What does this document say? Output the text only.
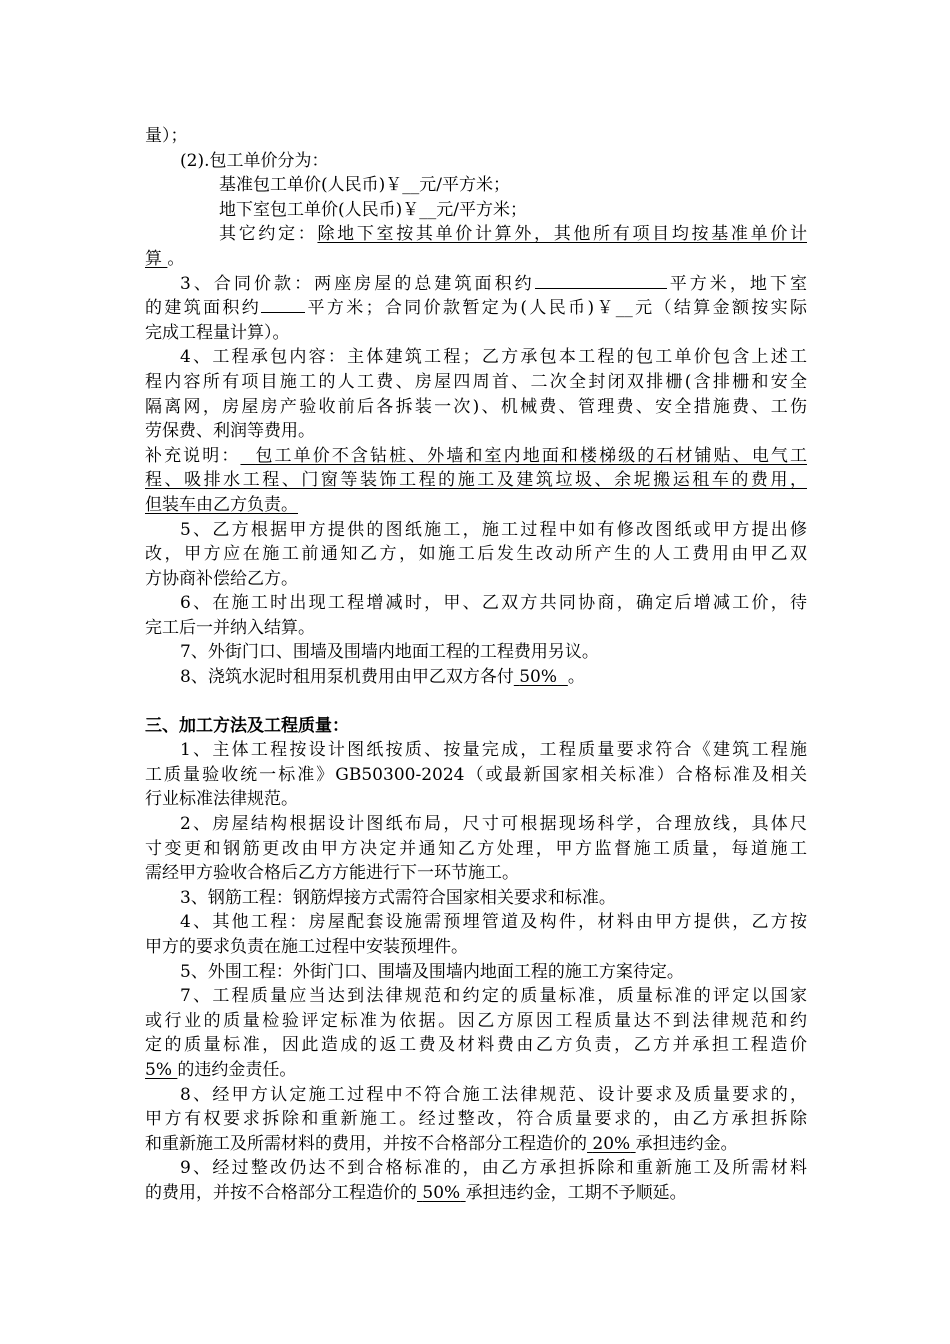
量）；
(2).包工单价分为：
基准包工单价(人民币)￥__元/平方米；
地下室包工单价(人民币)￥__元/平方米；
其它约定：除地下室按其单价计算外，其他所有项目均按基准单价计
算 。
3、合同价款：两座房屋的总建筑面积约	平方米，地下室
的建筑面积约	平方米；合同价款暂定为(人民币)￥__元（结算金额按实际
完成工程量计算）。
4、工程承包内容：主体建筑工程；乙方承包本工程的包工单价包含上述工
程内容所有项目施工的人工费、房屋四周首、二次全封闭双排栅(含排栅和安全
隔离网，房屋房产验收前后各拆装一次)、机械费、管理费、安全措施费、工伤
劳保费、利润等费用。
补充说明： 包工单价不含钻桩、外墙和室内地面和楼梯级的石材铺贴、电气工
程、吸排水工程、门窗等装饰工程的施工及建筑垃圾、余坭搬运租车的费用，
但装车由乙方负责。
5、乙方根据甲方提供的图纸施工，施工过程中如有修改图纸或甲方提出修
改，甲方应在施工前通知乙方，如施工后发生改动所产生的人工费用由甲乙双
方协商补偿给乙方。
6、在施工时出现工程增减时，甲、乙双方共同协商，确定后增减工价，待
完工后一并纳入结算。
7、外街门口、围墙及围墙内地面工程的工程费用另议。
8、浇筑水泥时租用泵机费用由甲乙双方各付 50% 。
三、加工方法及工程质量：
1、主体工程按设计图纸按质、按量完成，工程质量要求符合《建筑工程施
工质量验收统一标准》GB50300-2024（或最新国家相关标准）合格标准及相关
行业标准法律规范。
2、房屋结构根据设计图纸布局，尺寸可根据现场科学，合理放线，具体尺
寸变更和钢筋更改由甲方决定并通知乙方处理，甲方监督施工质量，每道施工
需经甲方验收合格后乙方方能进行下一环节施工。
3、钢筋工程：钢筋焊接方式需符合国家相关要求和标准。
4、其他工程：房屋配套设施需预埋管道及构件，材料由甲方提供，乙方按
甲方的要求负责在施工过程中安装预埋件。
5、外围工程：外街门口、围墙及围墙内地面工程的施工方案待定。
7、工程质量应当达到法律规范和约定的质量标准，质量标准的评定以国家
或行业的质量检验评定标准为依据。因乙方原因工程质量达不到法律规范和约
定的质量标准，因此造成的返工费及材料费由乙方负责，乙方并承担工程造价
5% 的违约金责任。
8、经甲方认定施工过程中不符合施工法律规范、设计要求及质量要求的，
甲方有权要求拆除和重新施工。经过整改，符合质量要求的，由乙方承担拆除
和重新施工及所需材料的费用，并按不合格部分工程造价的 20% 承担违约金。
9、经过整改仍达不到合格标准的，由乙方承担拆除和重新施工及所需材料
的费用，并按不合格部分工程造价的 50% 承担违约金，工期不予顺延。
